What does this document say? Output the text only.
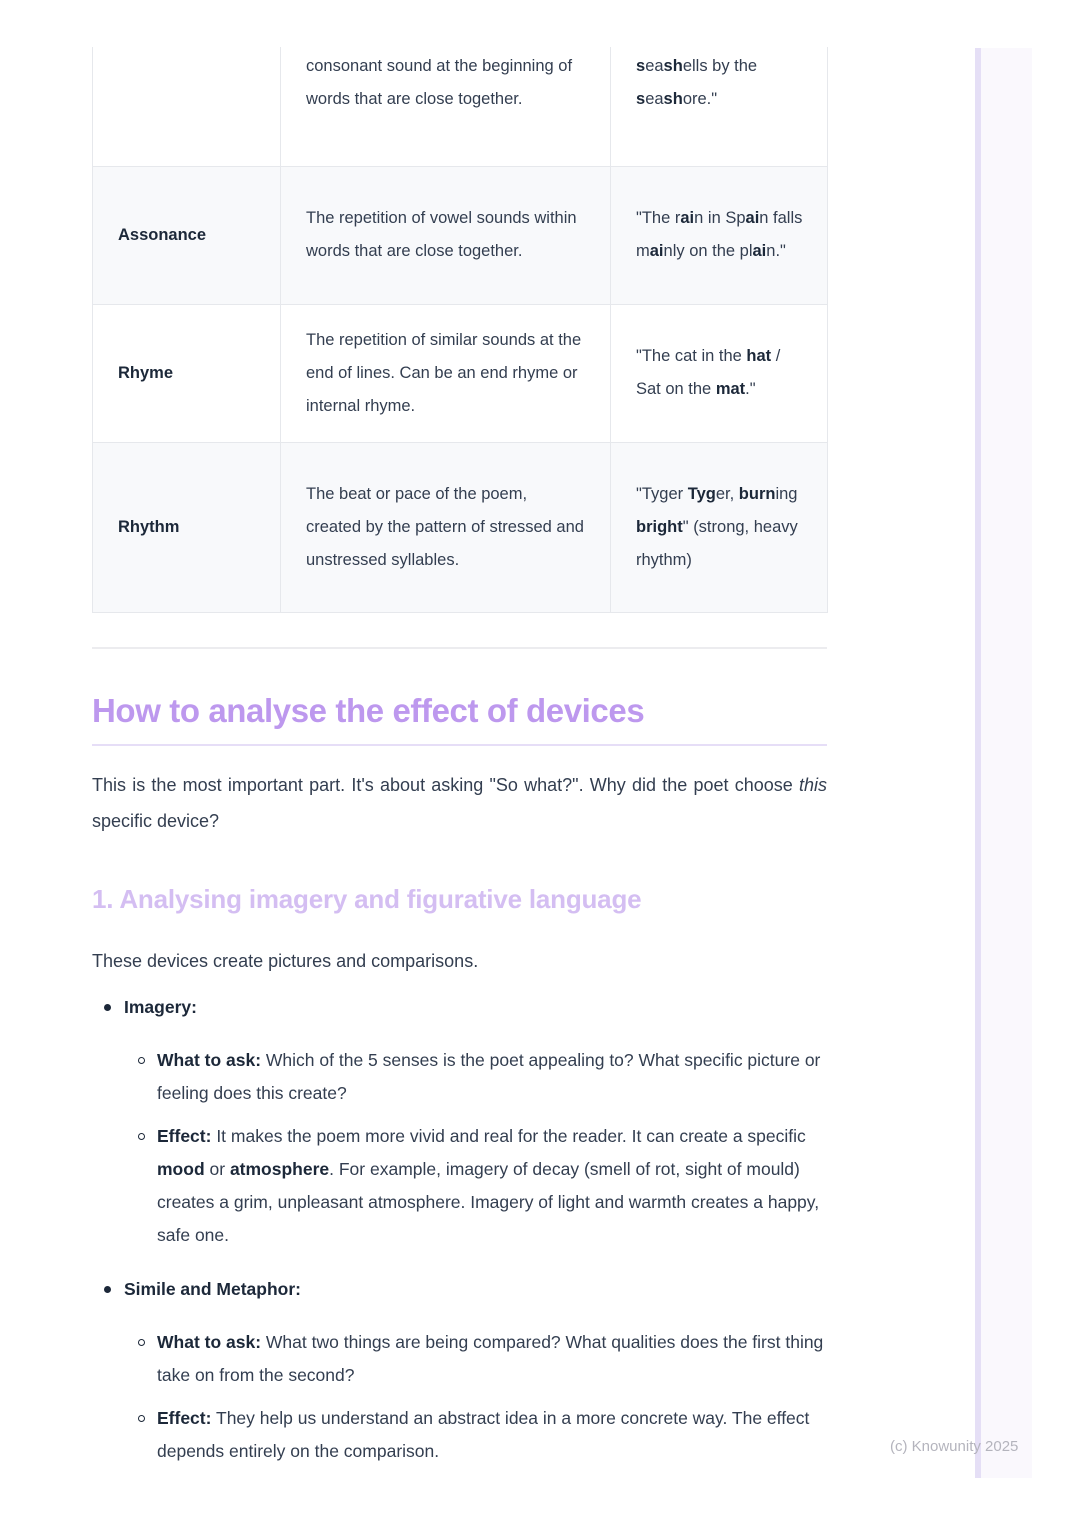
	consonant sound at the beginning of words that are close together.	seashells by the seashore."
Assonance	The repetition of vowel sounds within words that are close together.	"The rain in Spain falls mainly on the plain."
Rhyme	The repetition of similar sounds at the end of lines. Can be an end rhyme or internal rhyme.	"The cat in the hat / Sat on the mat."
Rhythm	The beat or pace of the poem, created by the pattern of stressed and unstressed syllables.	"Tyger Tyger, burning bright" (strong, heavy rhythm)
How to analyse the effect of devices

This is the most important part. It's about asking "So what?". Why did the poet choose this specific device?

1. Analysing imagery and figurative language

These devices create pictures and comparisons.

Imagery:
What to ask: Which of the 5 senses is the poet appealing to? What specific picture or feeling does this create?
Effect: It makes the poem more vivid and real for the reader. It can create a specific mood or atmosphere. For example, imagery of decay (smell of rot, sight of mould) creates a grim, unpleasant atmosphere. Imagery of light and warmth creates a happy, safe one.
Simile and Metaphor:
What to ask: What two things are being compared? What qualities does the first thing take on from the second?
Effect: They help us understand an abstract idea in a more concrete way. The effect depends entirely on the comparison.	(c) Knowunity 2025
